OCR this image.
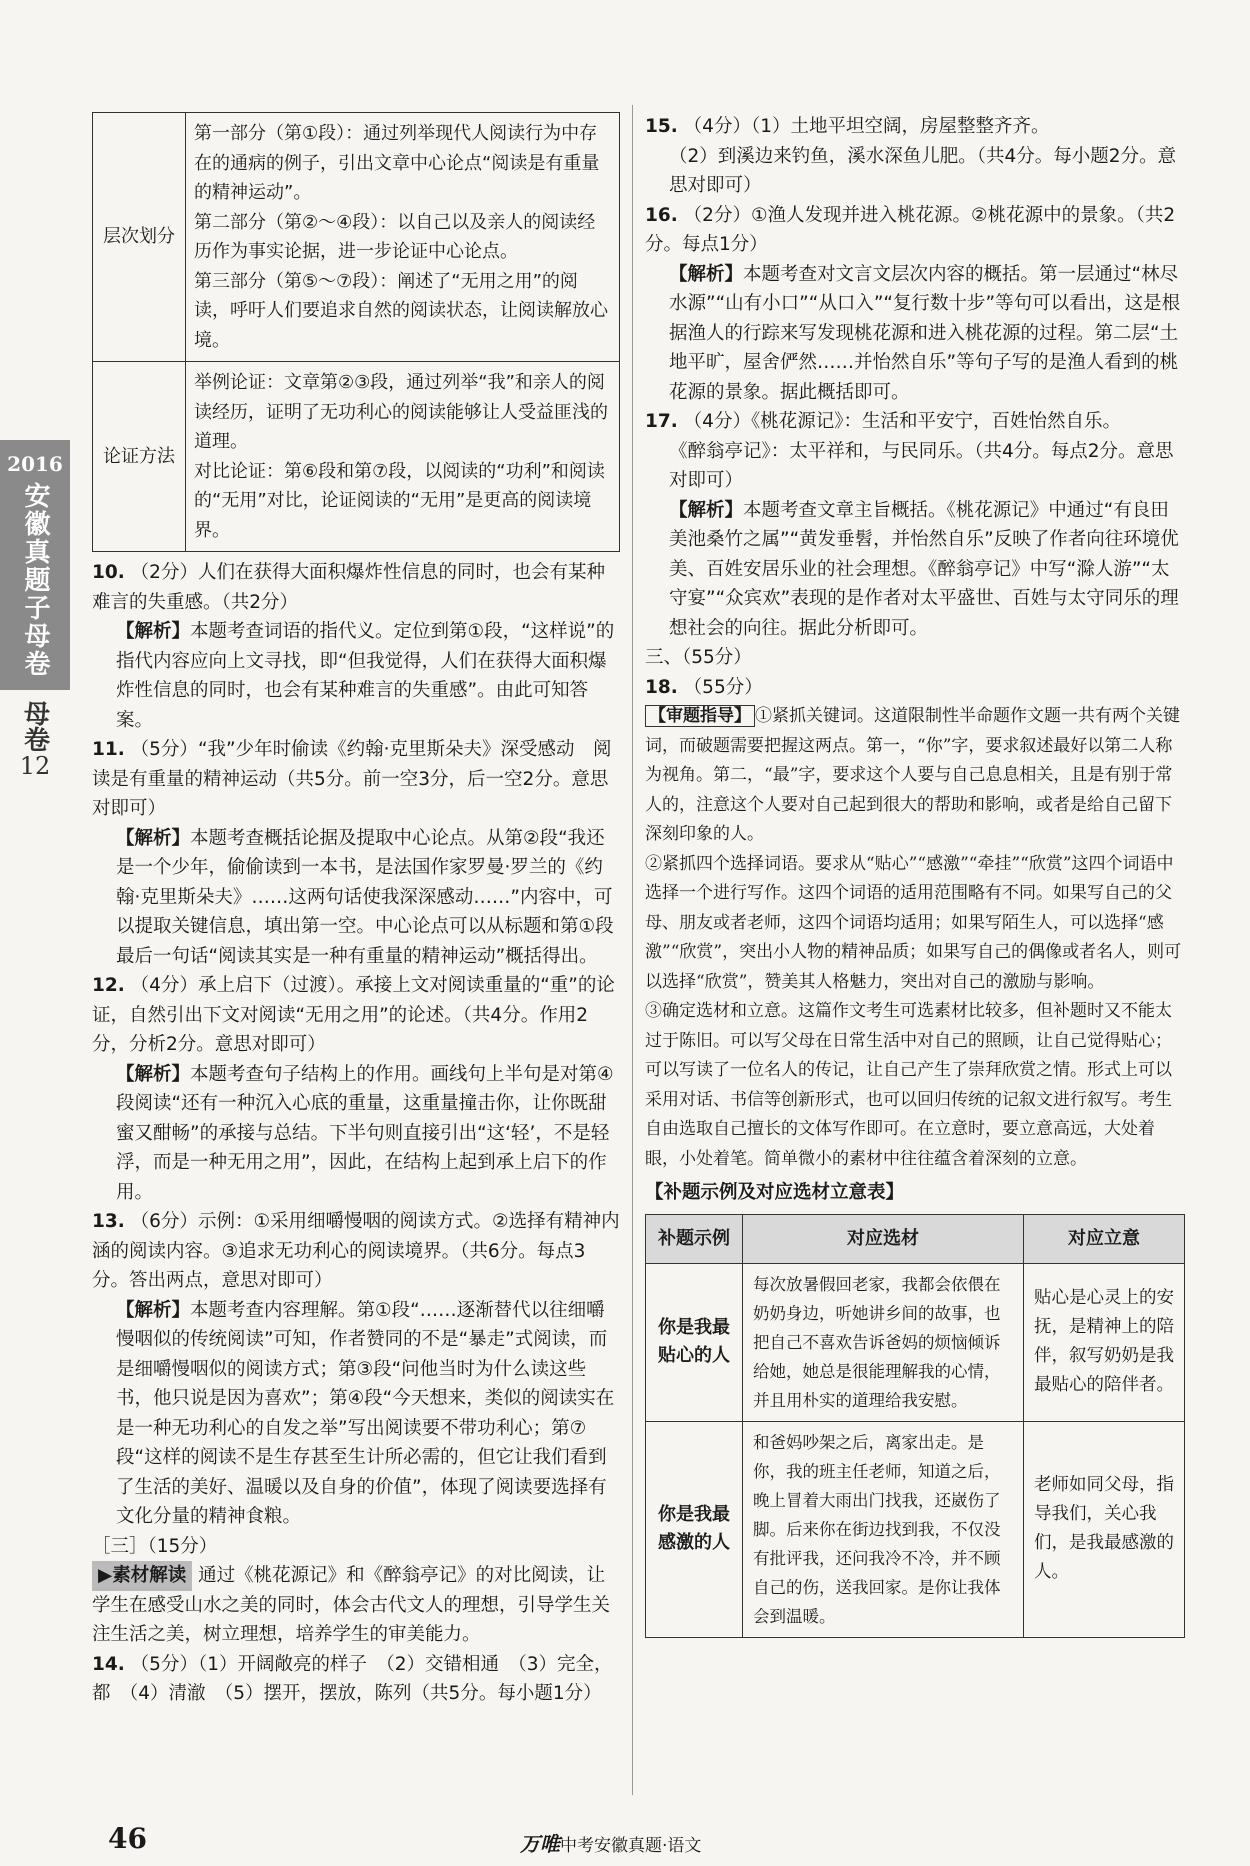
2016
安徽真题子母卷
母卷
12
层次划分	第一部分（第①段）：通过列举现代人阅读行为中存在的通病的例子，引出文章中心论点“阅读是有重量的精神运动”。
第二部分（第②～④段）：以自己以及亲人的阅读经历作为事实论据，进一步论证中心论点。
第三部分（第⑤～⑦段）：阐述了“无用之用”的阅读，呼吁人们要追求自然的阅读状态，让阅读解放心境。

论证方法	举例论证：文章第②③段，通过列举“我”和亲人的阅读经历，证明了无功利心的阅读能够让人受益匪浅的道理。
对比论证：第⑥段和第⑦段，以阅读的“功利”和阅读的“无用”对比，论证阅读的“无用”是更高的阅读境界。

10. （2分）人们在获得大面积爆炸性信息的同时，也会有某种难言的失重感。（共2分）

【解析】本题考查词语的指代义。定位到第①段，“这样说”的指代内容应向上文寻找，即“但我觉得，人们在获得大面积爆炸性信息的同时，也会有某种难言的失重感”。由此可知答案。

11. （5分）“我”少年时偷读《约翰·克里斯朵夫》深受感动　阅读是有重量的精神运动（共5分。前一空3分，后一空2分。意思对即可）

【解析】本题考查概括论据及提取中心论点。从第②段“我还是一个少年，偷偷读到一本书，是法国作家罗曼·罗兰的《约翰·克里斯朵夫》……这两句话使我深深感动……”内容中，可以提取关键信息，填出第一空。中心论点可以从标题和第①段最后一句话“阅读其实是一种有重量的精神运动”概括得出。

12. （4分）承上启下（过渡）。承接上文对阅读重量的“重”的论证，自然引出下文对阅读“无用之用”的论述。（共4分。作用2分，分析2分。意思对即可）

【解析】本题考查句子结构上的作用。画线句上半句是对第④段阅读“还有一种沉入心底的重量，这重量撞击你，让你既甜蜜又酣畅”的承接与总结。下半句则直接引出“这‘轻’，不是轻浮，而是一种无用之用”，因此，在结构上起到承上启下的作用。

13. （6分）示例：①采用细嚼慢咽的阅读方式。②选择有精神内涵的阅读内容。③追求无功利心的阅读境界。（共6分。每点3分。答出两点，意思对即可）

【解析】本题考查内容理解。第①段“……逐渐替代以往细嚼慢咽似的传统阅读”可知，作者赞同的不是“暴走”式阅读，而是细嚼慢咽似的阅读方式；第③段“问他当时为什么读这些书，他只说是因为喜欢”；第④段“今天想来，类似的阅读实在是一种无功利心的自发之举”写出阅读要不带功利心；第⑦段“这样的阅读不是生存甚至生计所必需的，但它让我们看到了生活的美好、温暖以及自身的价值”，体现了阅读要选择有文化分量的精神食粮。

［三］（15分）

▶素材解读 通过《桃花源记》和《醉翁亭记》的对比阅读，让学生在感受山水之美的同时，体会古代文人的理想，引导学生关注生活之美，树立理想，培养学生的审美能力。

14. （5分）（1）开阔敞亮的样子　（2）交错相通　（3）完全，都　（4）清澈　（5）摆开，摆放，陈列（共5分。每小题1分）

15. （4分）（1）土地平坦空阔，房屋整整齐齐。

（2）到溪边来钓鱼，溪水深鱼儿肥。（共4分。每小题2分。意思对即可）

16. （2分）①渔人发现并进入桃花源。②桃花源中的景象。（共2分。每点1分）

【解析】本题考查对文言文层次内容的概括。第一层通过“林尽水源”“山有小口”“从口入”“复行数十步”等句可以看出，这是根据渔人的行踪来写发现桃花源和进入桃花源的过程。第二层“土地平旷，屋舍俨然……并怡然自乐”等句子写的是渔人看到的桃花源的景象。据此概括即可。

17. （4分）《桃花源记》：生活和平安宁，百姓怡然自乐。

《醉翁亭记》：太平祥和，与民同乐。（共4分。每点2分。意思对即可）

【解析】本题考查文章主旨概括。《桃花源记》中通过“有良田美池桑竹之属”“黄发垂髫，并怡然自乐”反映了作者向往环境优美、百姓安居乐业的社会理想。《醉翁亭记》中写“滁人游”“太守宴”“众宾欢”表现的是作者对太平盛世、百姓与太守同乐的理想社会的向往。据此分析即可。

三、（55分）

18. （55分）

【审题指导】 ①紧抓关键词。这道限制性半命题作文题一共有两个关键词，而破题需要把握这两点。第一，“你”字，要求叙述最好以第二人称为视角。第二，“最”字，要求这个人要与自己息息相关，且是有别于常人的，注意这个人要对自己起到很大的帮助和影响，或者是给自己留下深刻印象的人。

②紧抓四个选择词语。要求从“贴心”“感激”“牵挂”“欣赏”这四个词语中选择一个进行写作。这四个词语的适用范围略有不同。如果写自己的父母、朋友或者老师，这四个词语均适用；如果写陌生人，可以选择“感激”“欣赏”，突出小人物的精神品质；如果写自己的偶像或者名人，则可以选择“欣赏”，赞美其人格魅力，突出对自己的激励与影响。

③确定选材和立意。这篇作文考生可选素材比较多，但补题时又不能太过于陈旧。可以写父母在日常生活中对自己的照顾，让自己觉得贴心；可以写读了一位名人的传记，让自己产生了崇拜欣赏之情。形式上可以采用对话、书信等创新形式，也可以回归传统的记叙文进行叙写。考生自由选取自己擅长的文体写作即可。在立意时，要立意高远，大处着眼，小处着笔。简单微小的素材中往往蕴含着深刻的立意。

【补题示例及对应选材立意表】

补题示例	对应选材	对应立意
你是我最贴心的人	每次放暑假回老家，我都会依偎在奶奶身边，听她讲乡间的故事，也把自己不喜欢告诉爸妈的烦恼倾诉给她，她总是很能理解我的心情，并且用朴实的道理给我安慰。	贴心是心灵上的安抚，是精神上的陪伴，叙写奶奶是我最贴心的陪伴者。
你是我最感激的人	和爸妈吵架之后，离家出走。是你，我的班主任老师，知道之后，晚上冒着大雨出门找我，还崴伤了脚。后来你在街边找到我，不仅没有批评我，还问我冷不冷，并不顾自己的伤，送我回家。是你让我体会到温暖。	老师如同父母，指导我们，关心我们，是我最感激的人。
46	万唯中考安徽真题·语文
